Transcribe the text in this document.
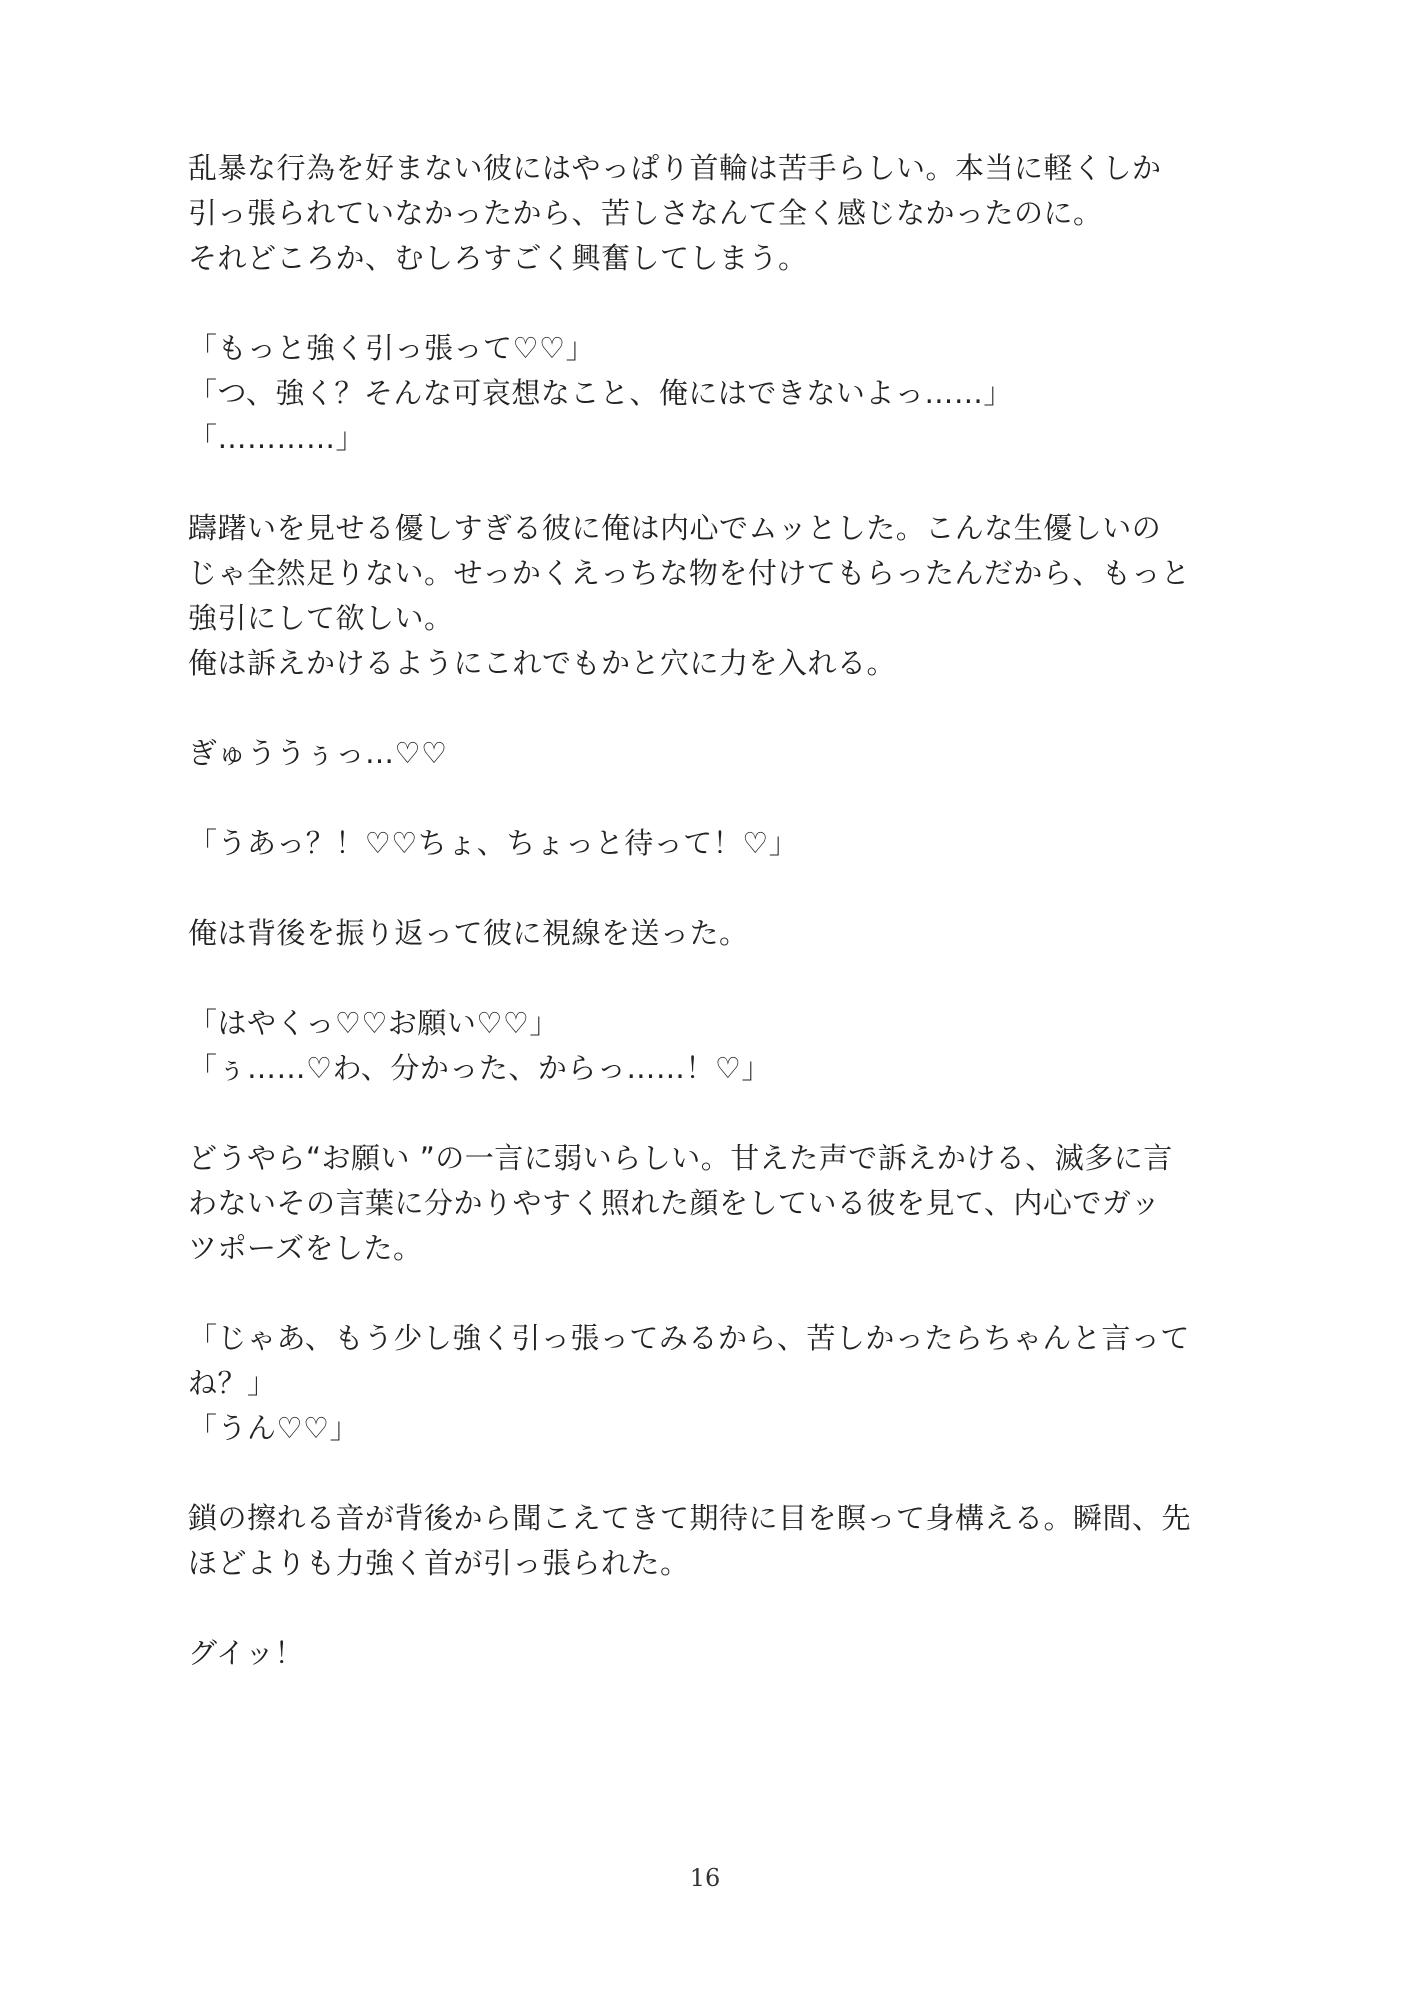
乱暴な行為を好まない彼にはやっぱり首輪は苦手らしい。本当に軽くしか
引っ張られていなかったから、苦しさなんて全く感じなかったのに。
それどころか、むしろすごく興奮してしまう。
「もっと強く引っ張って♡♡」
「つ、強く？そんな可哀想なこと、俺にはできないよっ……」
「…………」
躊躇いを見せる優しすぎる彼に俺は内心でムッとした。こんな生優しいの
じゃ全然足りない。せっかくえっちな物を付けてもらったんだから、もっと
強引にして欲しい。
俺は訴えかけるようにこれでもかと穴に力を入れる。
ぎゅううぅっ…♡♡
「うあっ？！♡♡ちょ、ちょっと待って！♡」
俺は背後を振り返って彼に視線を送った。
「はやくっ♡♡お願い♡♡」
「ぅ……♡わ、分かった、からっ……！♡」
どうやら“お願い ”の一言に弱いらしい。甘えた声で訴えかける、滅多に言
わないその言葉に分かりやすく照れた顔をしている彼を見て、内心でガッ
ツポーズをした。
「じゃあ、もう少し強く引っ張ってみるから、苦しかったらちゃんと言って
ね？」
「うん♡♡」
鎖の擦れる音が背後から聞こえてきて期待に目を瞑って身構える。瞬間、先
ほどよりも力強く首が引っ張られた。
グイッ！
16
